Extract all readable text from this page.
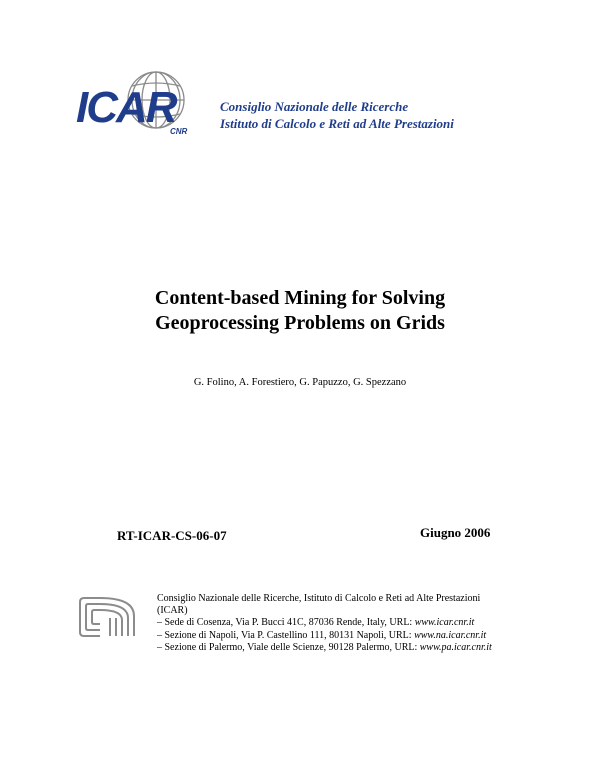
ICAR
CNR
Consiglio Nazionale delle Ricerche
Istituto di Calcolo e Reti ad Alte Prestazioni
Content-based Mining for Solving
Geoprocessing Problems on Grids
G. Folino, A. Forestiero, G. Papuzzo, G. Spezzano
RT-ICAR-CS-06-07	Giugno 2006
Consiglio Nazionale delle Ricerche, Istituto di Calcolo e Reti ad Alte Prestazioni
(ICAR)
– Sede di Cosenza, Via P. Bucci 41C, 87036 Rende, Italy, URL: www.icar.cnr.it
– Sezione di Napoli, Via P. Castellino 111, 80131 Napoli, URL: www.na.icar.cnr.it
– Sezione di Palermo, Viale delle Scienze, 90128 Palermo, URL: www.pa.icar.cnr.it
